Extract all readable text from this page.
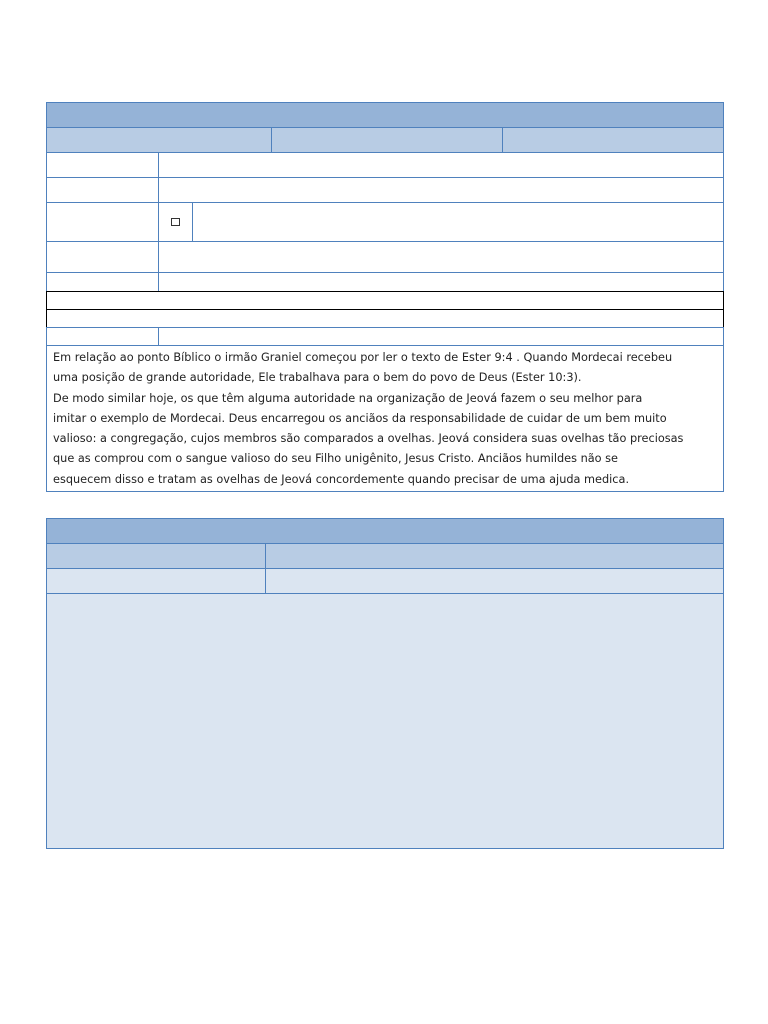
Em relação ao ponto Bíblico o irmão Graniel começou por ler o texto de Ester 9:4 . Quando Mordecai recebeu
uma posição de grande autoridade, Ele trabalhava para o bem do povo de Deus (Ester 10:3).
De modo similar hoje, os que têm alguma autoridade na organização de Jeová fazem o seu melhor para
imitar o exemplo de Mordecai. Deus encarregou os anciãos da responsabilidade de cuidar de um bem muito
valioso: a congregação, cujos membros são comparados a ovelhas. Jeová considera suas ovelhas tão preciosas
que as comprou com o sangue valioso do seu Filho unigênito, Jesus Cristo. Anciãos humildes não se
esquecem disso e tratam as ovelhas de Jeová concordemente quando precisar de uma ajuda medica.
